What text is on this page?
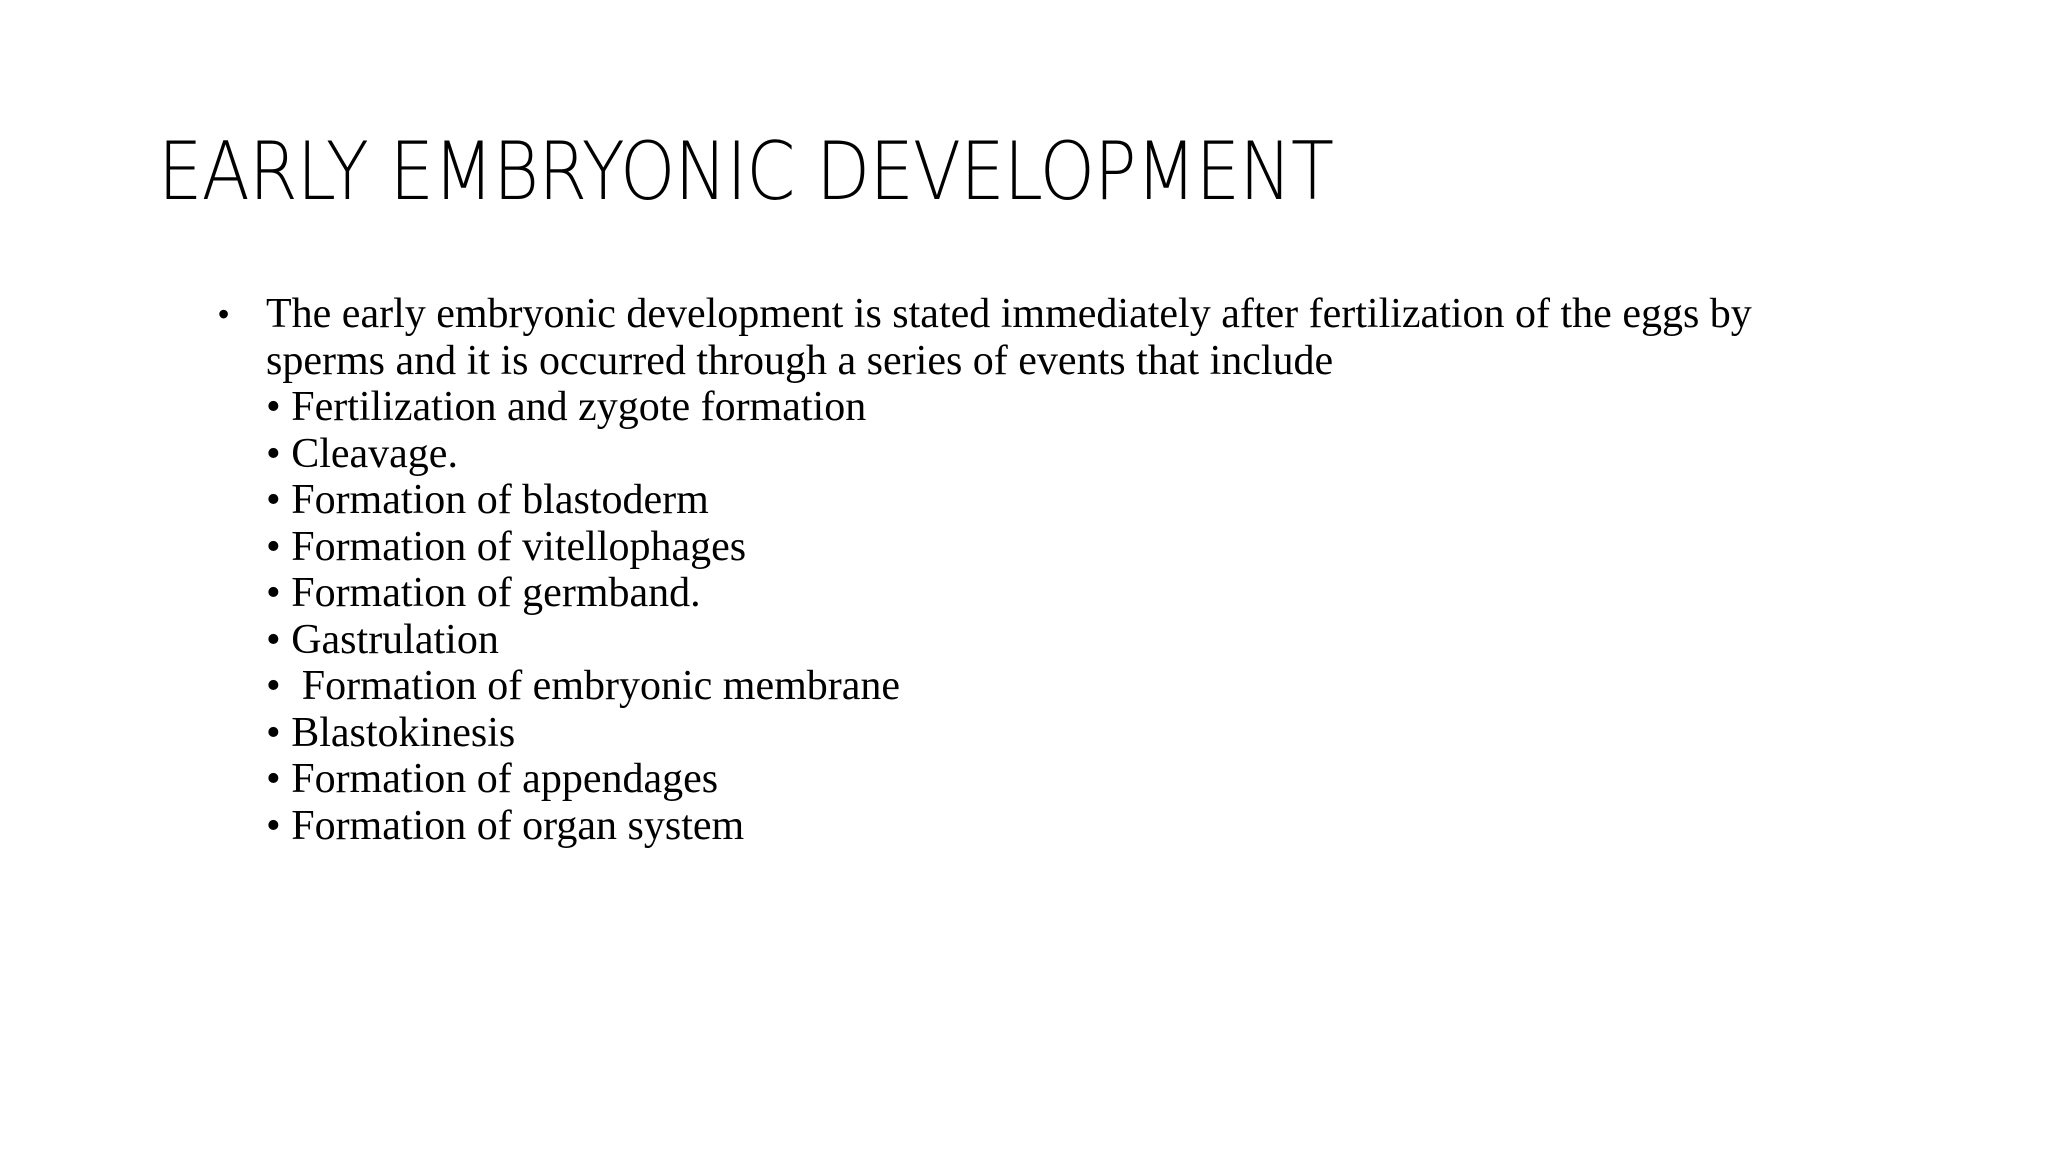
EARLY EMBRYONIC DEVELOPMENT
• The early embryonic development is stated immediately after fertilization of the eggs by sperms and it is occurred through a series of events that include
• Fertilization and zygote formation
• Cleavage.
• Formation of blastoderm
• Formation of vitellophages
• Formation of germband.
• Gastrulation
•  Formation of embryonic membrane
• Blastokinesis
• Formation of appendages
• Formation of organ system
